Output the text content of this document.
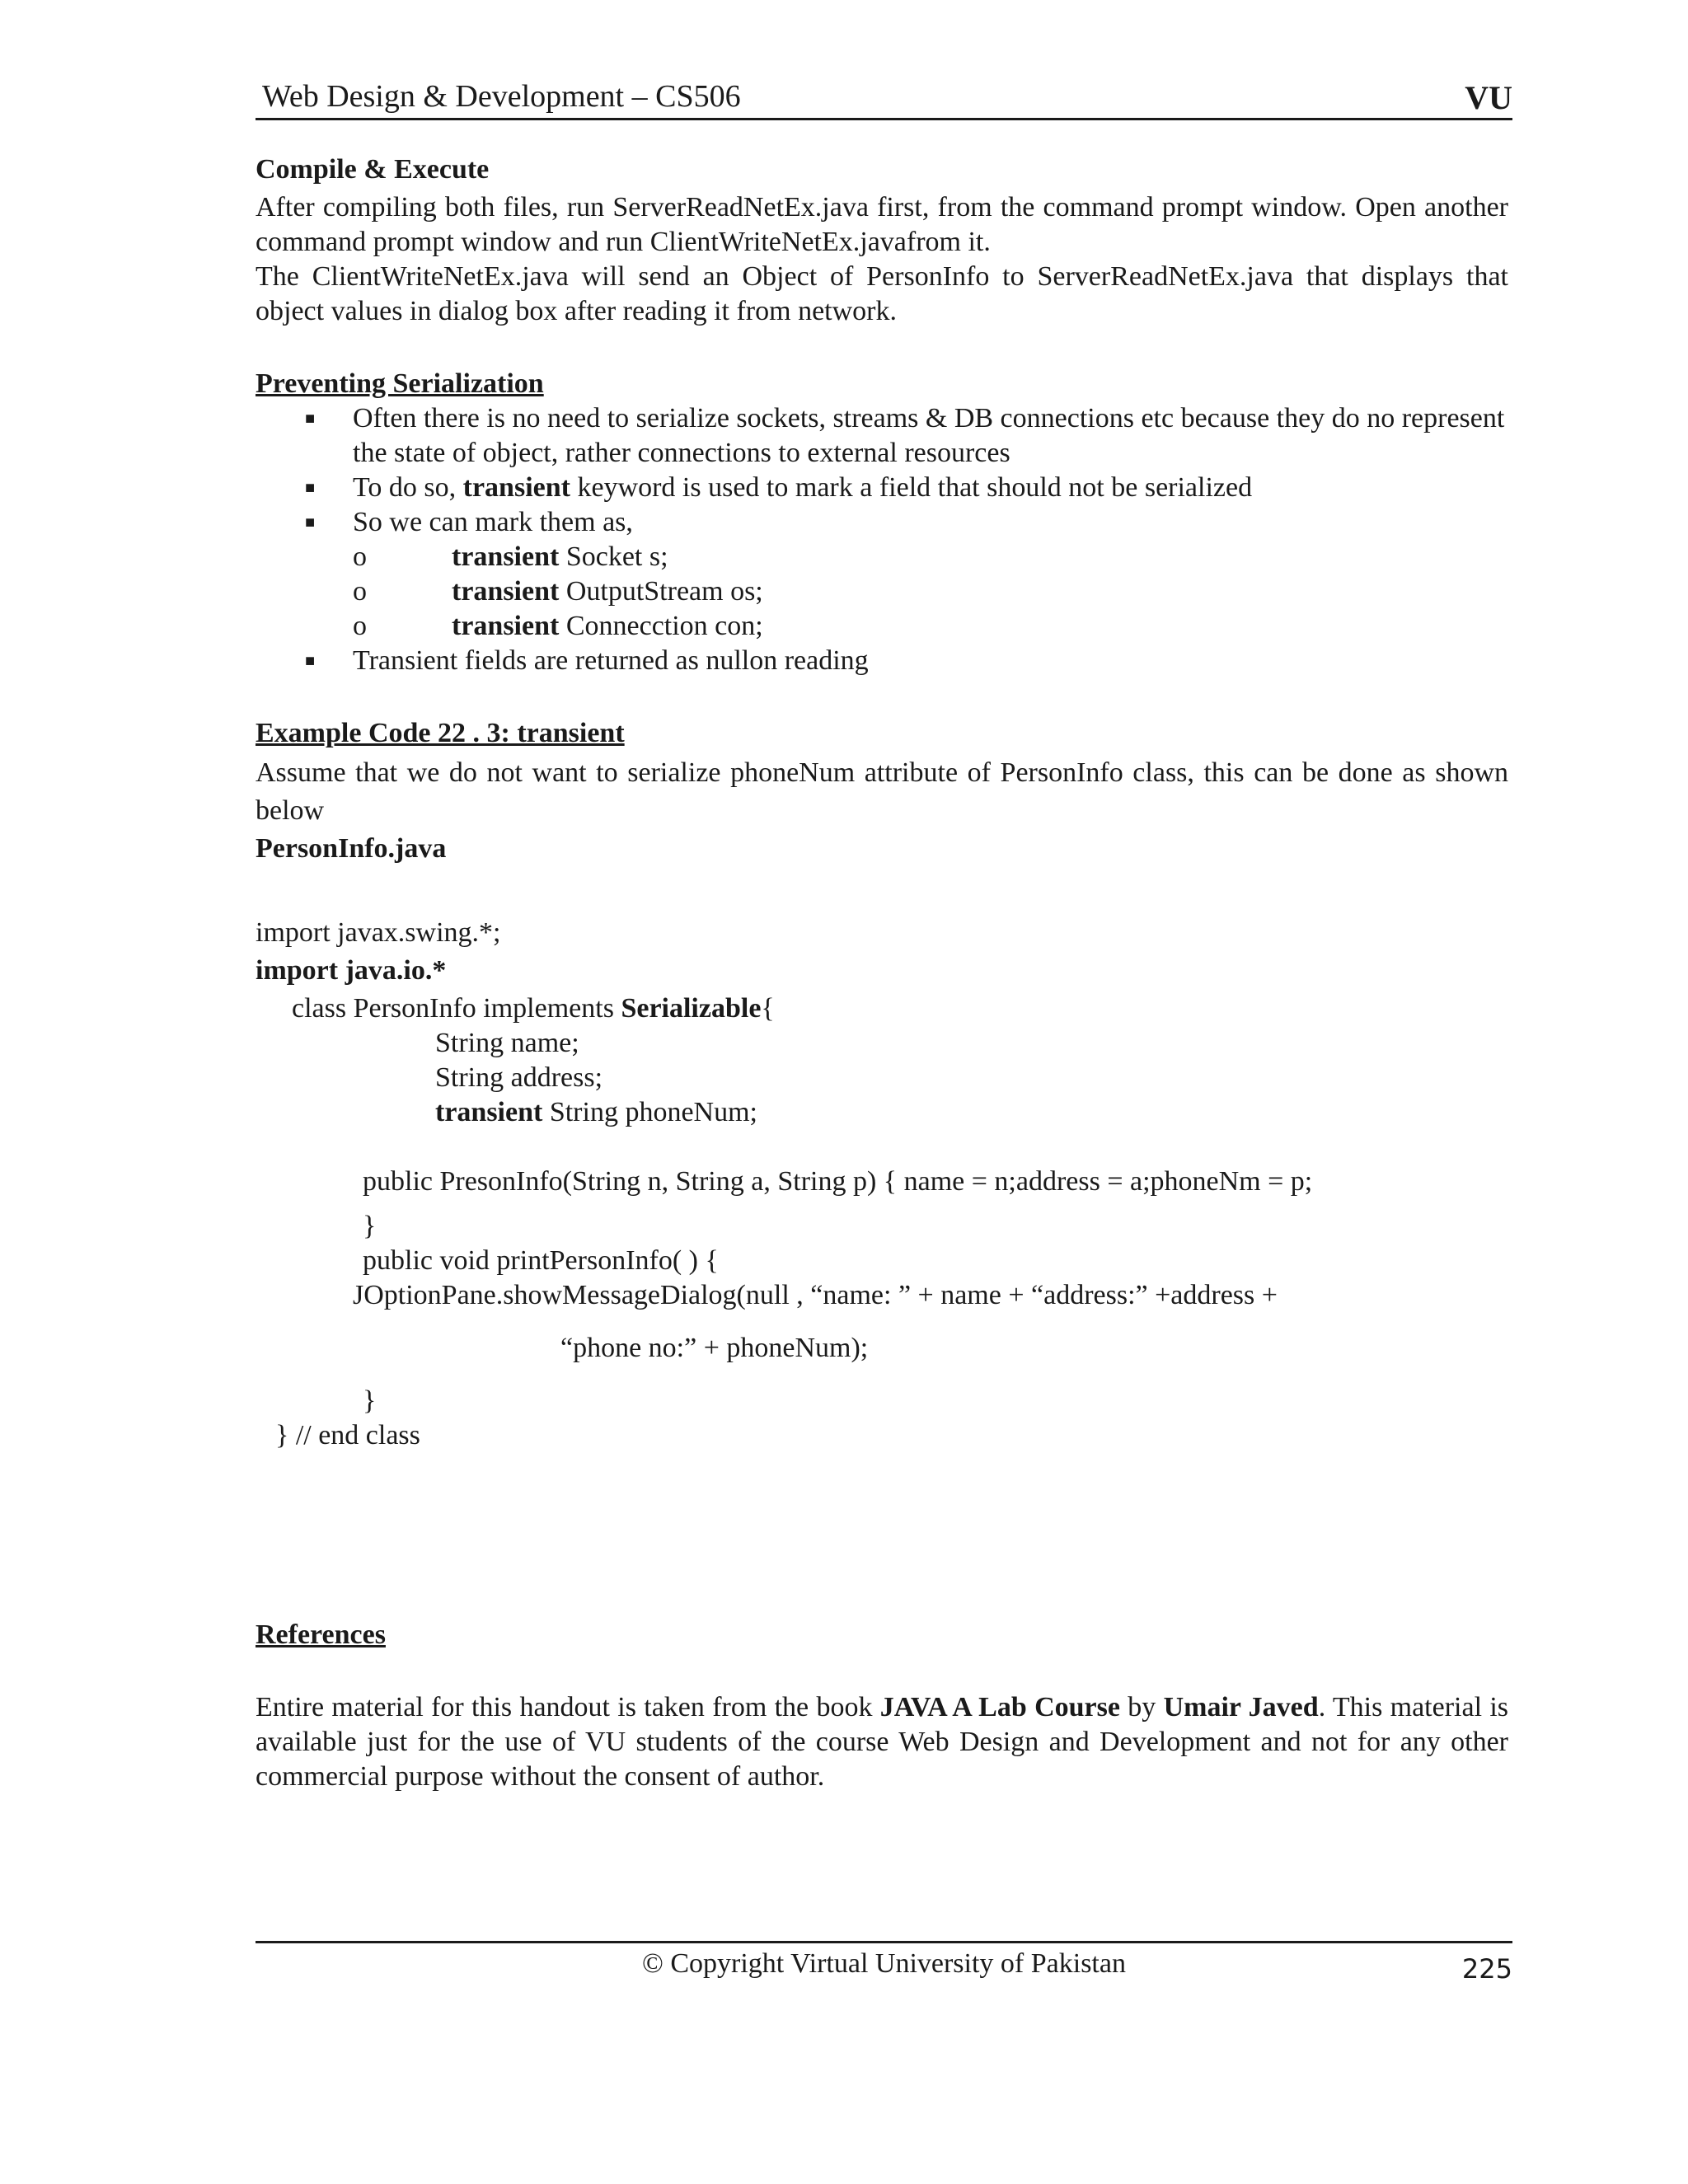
Web Design & Development – CS506	VU
Compile & Execute

After compiling both files, run ServerReadNetEx.java first, from the command prompt window. Open another command prompt window and run ClientWriteNetEx.javafrom it.

The ClientWriteNetEx.java will send an Object of PersonInfo to ServerReadNetEx.java that displays that object values in dialog box after reading it from network.

Preventing Serialization
■ Often there is no need to serialize sockets, streams & DB connections etc because they do no represent the state of object, rather connections to external resources
■ To do so, transient keyword is used to mark a field that should not be serialized
■ So we can mark them as,
o	transient Socket s;
o	transient OutputStream os;
o	transient Connecction con;
■ Transient fields are returned as nullon reading
Example Code 22 . 3: transient

Assume that we do not want to serialize phoneNum attribute of PersonInfo class, this can be done as shown below

PersonInfo.java
import javax.swing.*;
import java.io.*
class PersonInfo implements Serializable{
String name;
String address;
transient String phoneNum;
public PresonInfo(String n, String a, String p) { name = n;address = a;phoneNm = p;
}
public void printPersonInfo( ) {
JOptionPane.showMessageDialog(null , “name: ” + name + “address:” +address +
“phone no:” + phoneNum);
}
} // end class
References

Entire material for this handout is taken from the book JAVA A Lab Course by Umair Javed. This material is available just for the use of VU students of the course Web Design and Development and not for any other commercial purpose without the consent of author.

© Copyright Virtual University of Pakistan	225
